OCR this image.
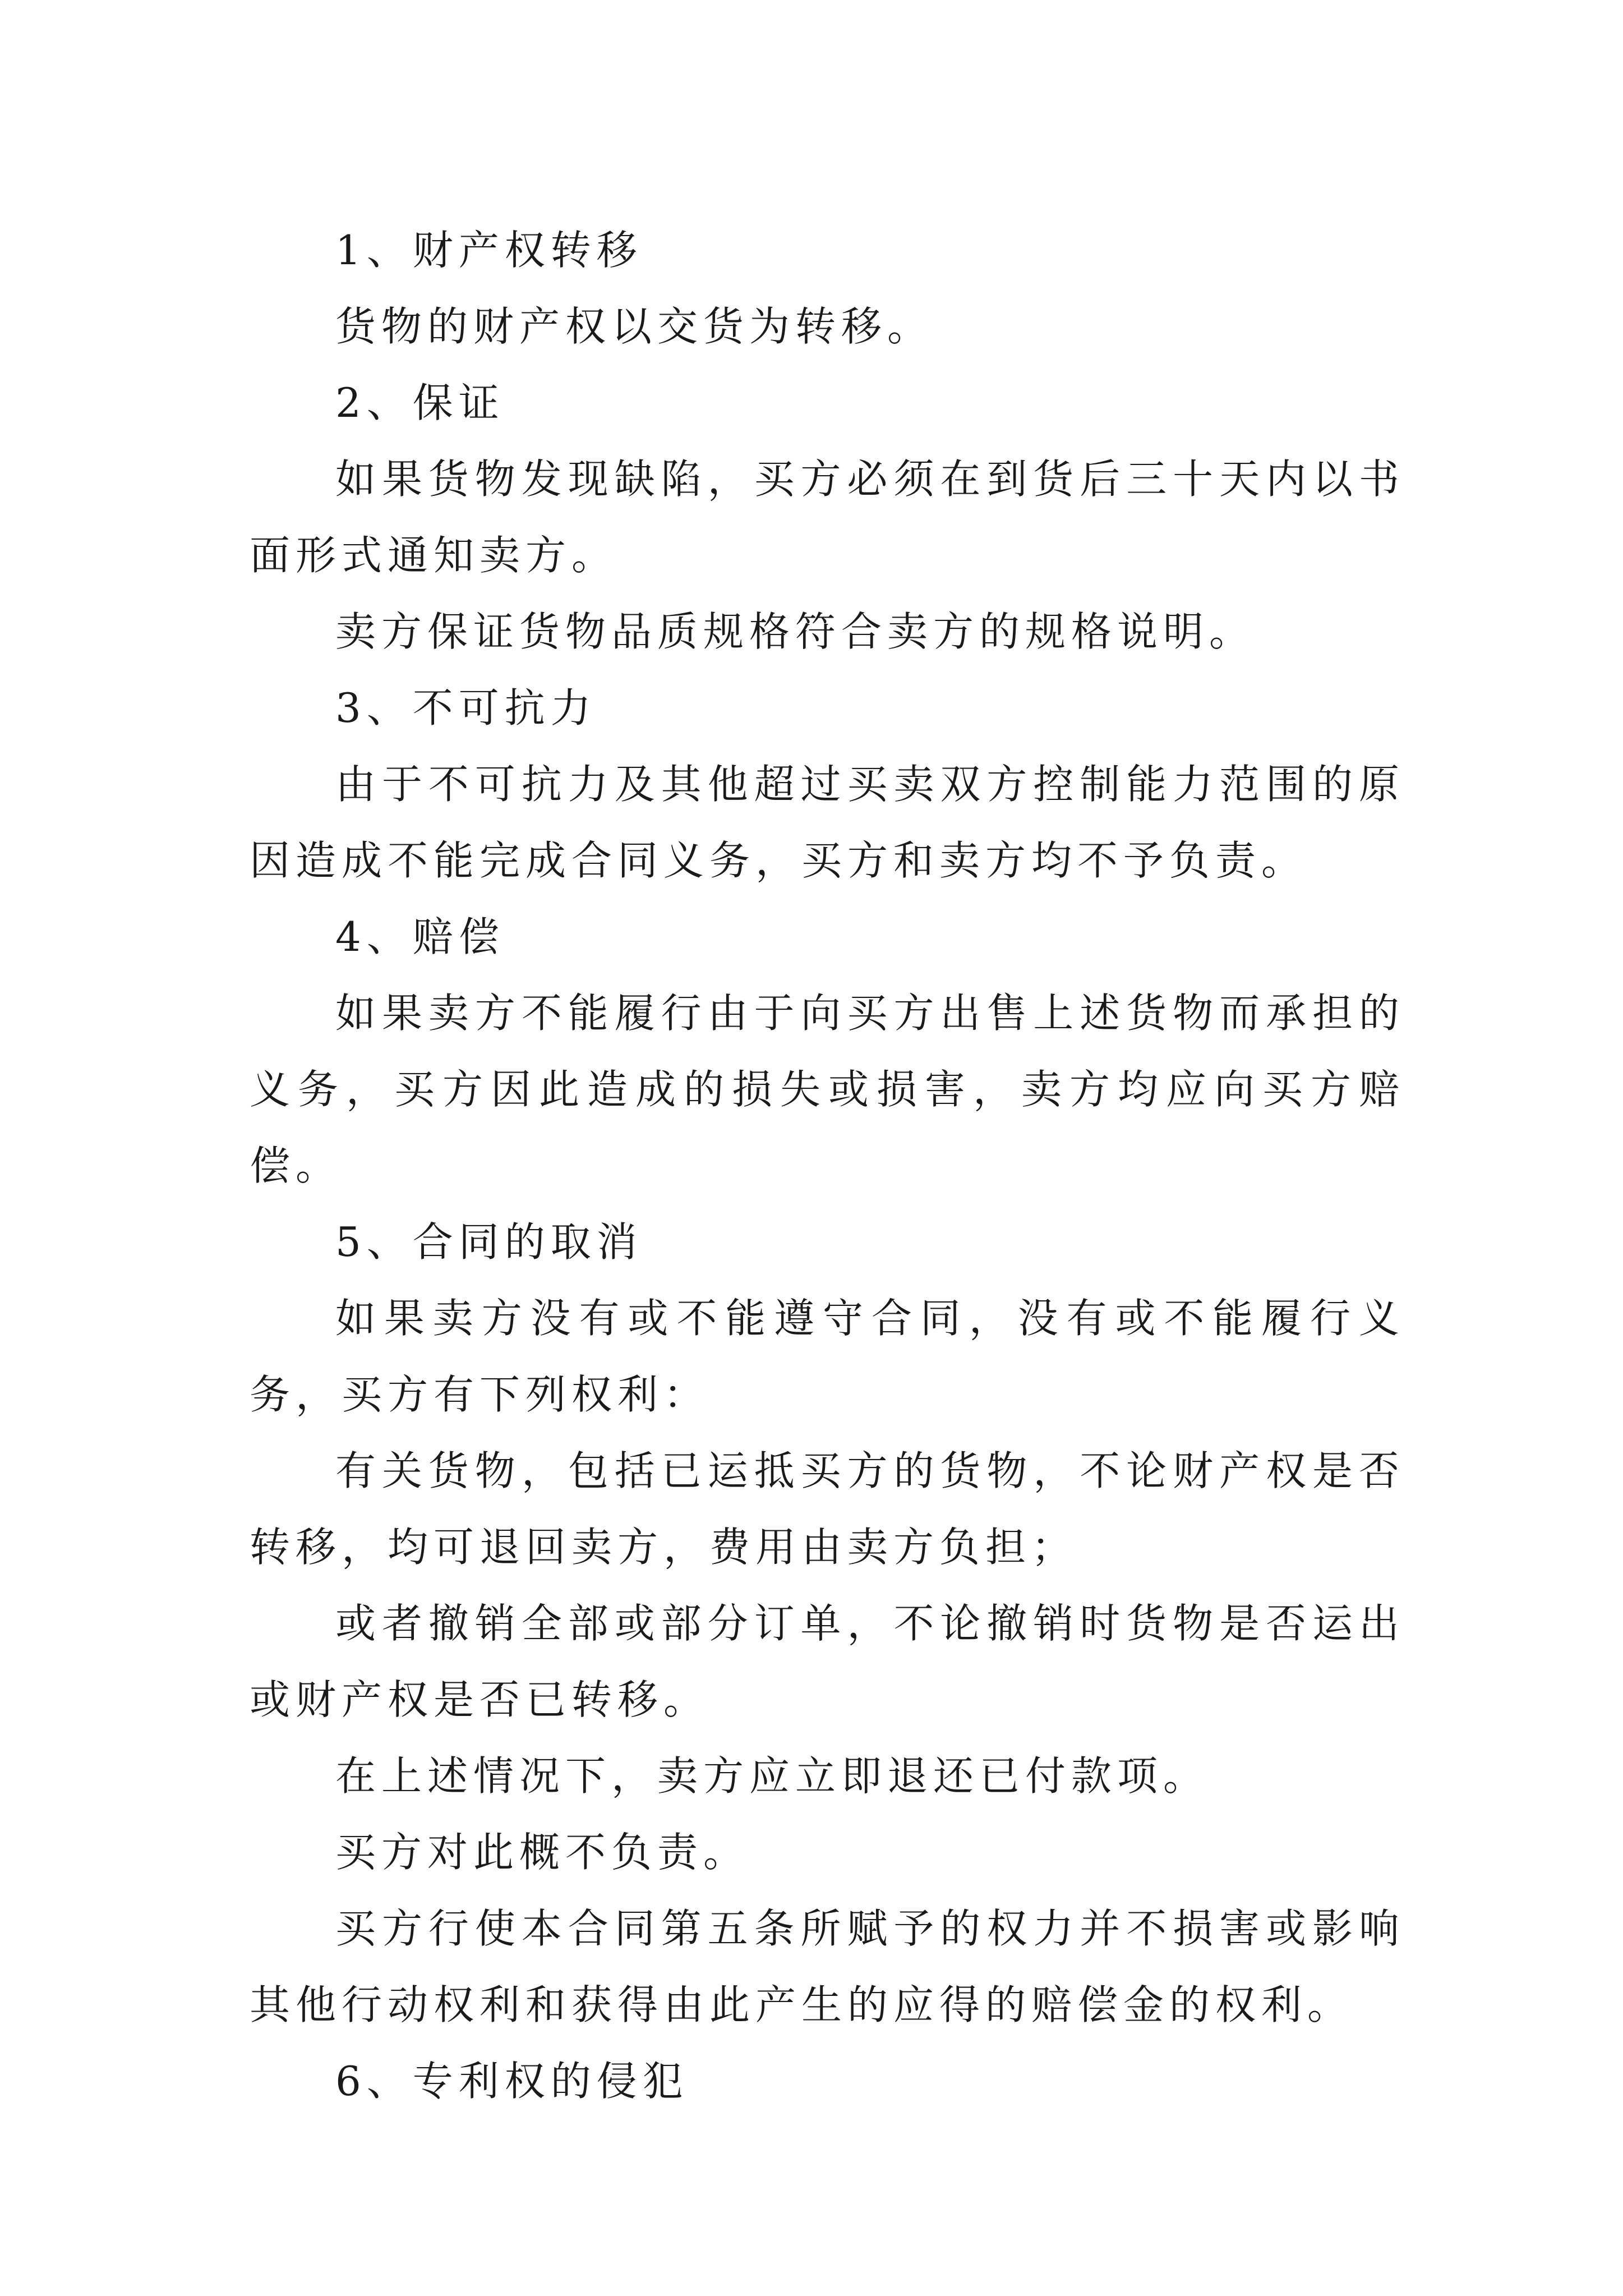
1、财产权转移

货物的财产权以交货为转移。

2、保证

如果货物发现缺陷，买方必须在到货后三十天内以书面形式通知卖方。

卖方保证货物品质规格符合卖方的规格说明。

3、不可抗力

由于不可抗力及其他超过买卖双方控制能力范围的原因造成不能完成合同义务，买方和卖方均不予负责。

4、赔偿

如果卖方不能履行由于向买方出售上述货物而承担的义务，买方因此造成的损失或损害，卖方均应向买方赔偿。

5、合同的取消

如果卖方没有或不能遵守合同，没有或不能履行义务，买方有下列权利：

有关货物，包括已运抵买方的货物，不论财产权是否转移，均可退回卖方，费用由卖方负担；

或者撤销全部或部分订单，不论撤销时货物是否运出或财产权是否已转移。

在上述情况下，卖方应立即退还已付款项。

买方对此概不负责。

买方行使本合同第五条所赋予的权力并不损害或影响其他行动权利和获得由此产生的应得的赔偿金的权利。

6、专利权的侵犯
